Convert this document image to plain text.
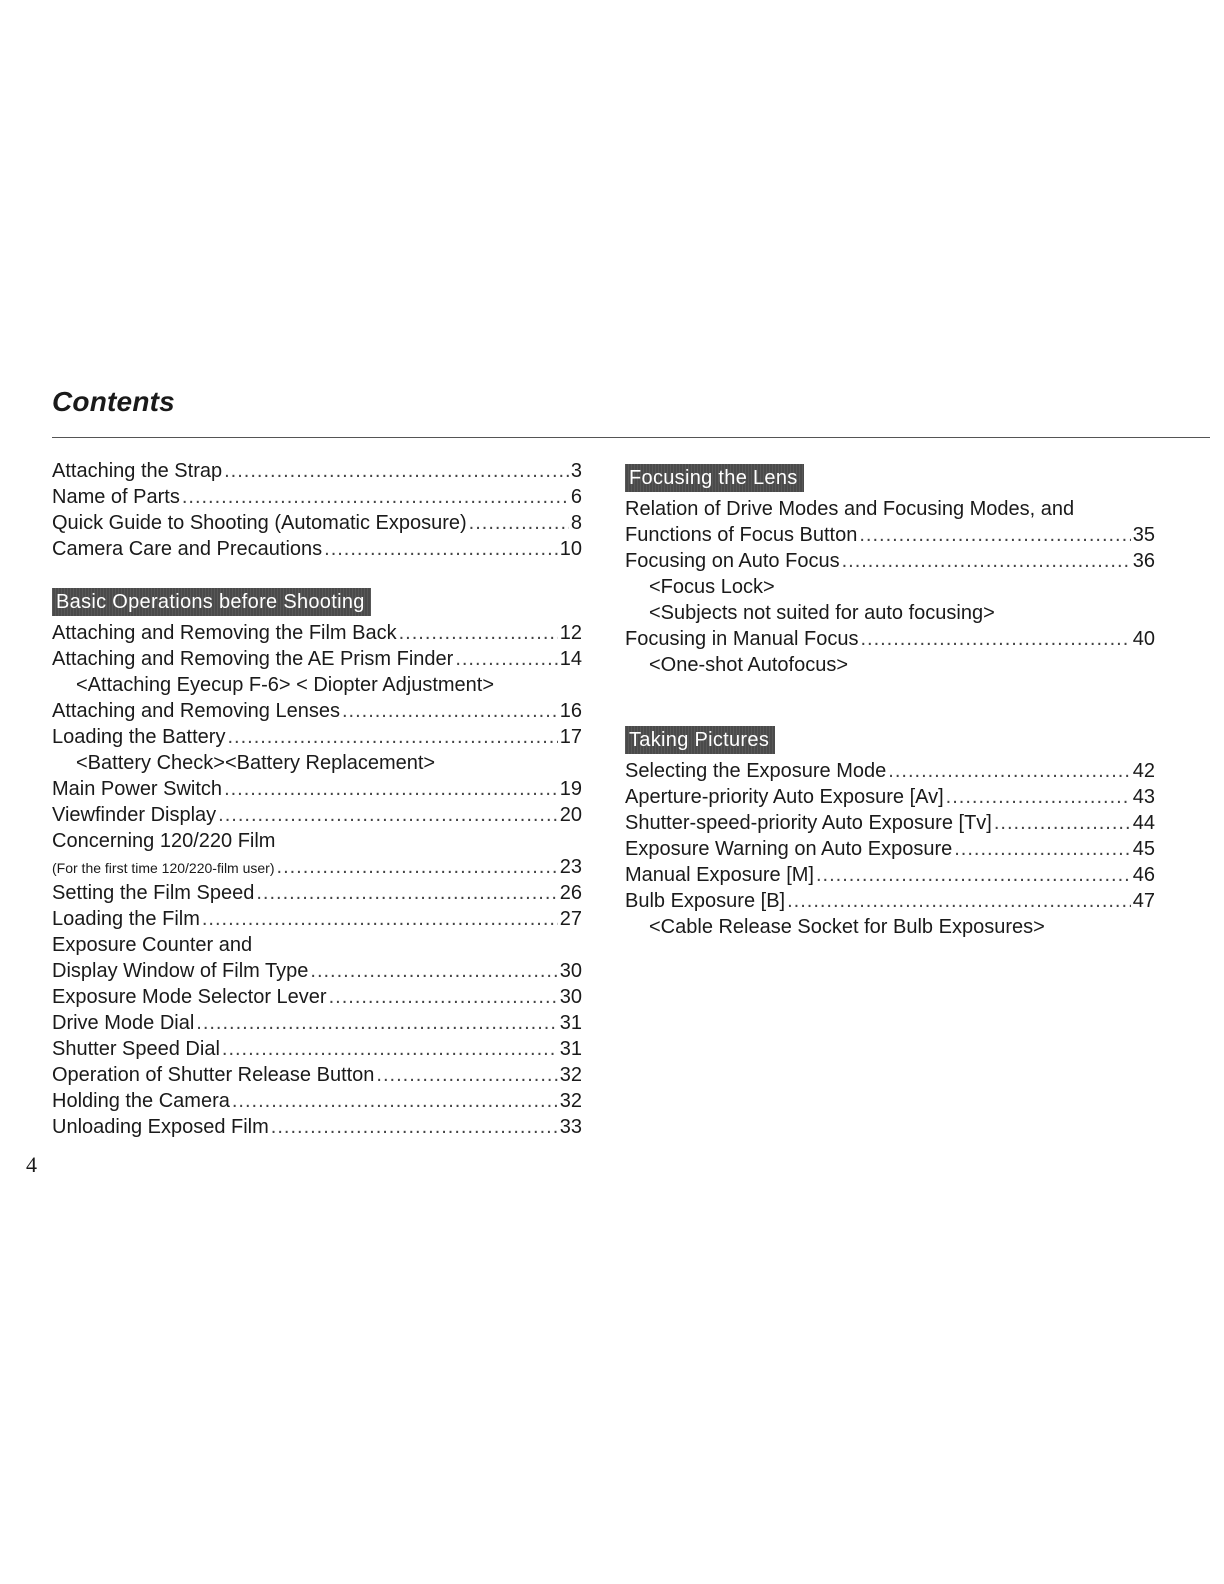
Contents
Attaching the Strap .....	3
Name of Parts .....	6
Quick Guide to Shooting (Automatic Exposure) .....	8
Camera Care and Precautions .....	10
Basic Operations before Shooting
Attaching and Removing the Film Back .....	12
Attaching and Removing the AE Prism Finder .....	14
<Attaching Eyecup F-6> < Diopter Adjustment>
Attaching and Removing Lenses .....	16
Loading the Battery .....	17
<Battery Check><Battery Replacement>
Main Power Switch .....	19
Viewfinder Display .....	20
Concerning 120/220 Film
(For the first time 120/220-film user) .....	23
Setting the Film Speed .....	26
Loading the Film .....	27
Exposure Counter and
Display Window of Film Type .....	30
Exposure Mode Selector Lever .....	30
Drive Mode Dial .....	31
Shutter Speed Dial .....	31
Operation of Shutter Release Button .....	32
Holding the Camera .....	32
Unloading Exposed Film .....	33
Focusing the Lens
Relation of Drive Modes and Focusing Modes, and
Functions of Focus Button .....	35
Focusing on Auto Focus .....	36
<Focus Lock>
<Subjects not suited for auto focusing>
Focusing in Manual Focus .....	40
<One-shot Autofocus>
Taking Pictures
Selecting the Exposure Mode .....	42
Aperture-priority Auto Exposure [Av] .....	43
Shutter-speed-priority Auto Exposure [Tv] .....	44
Exposure Warning on Auto Exposure .....	45
Manual Exposure [M] .....	46
Bulb Exposure [B] .....	47
<Cable Release Socket for Bulb Exposures>
4
